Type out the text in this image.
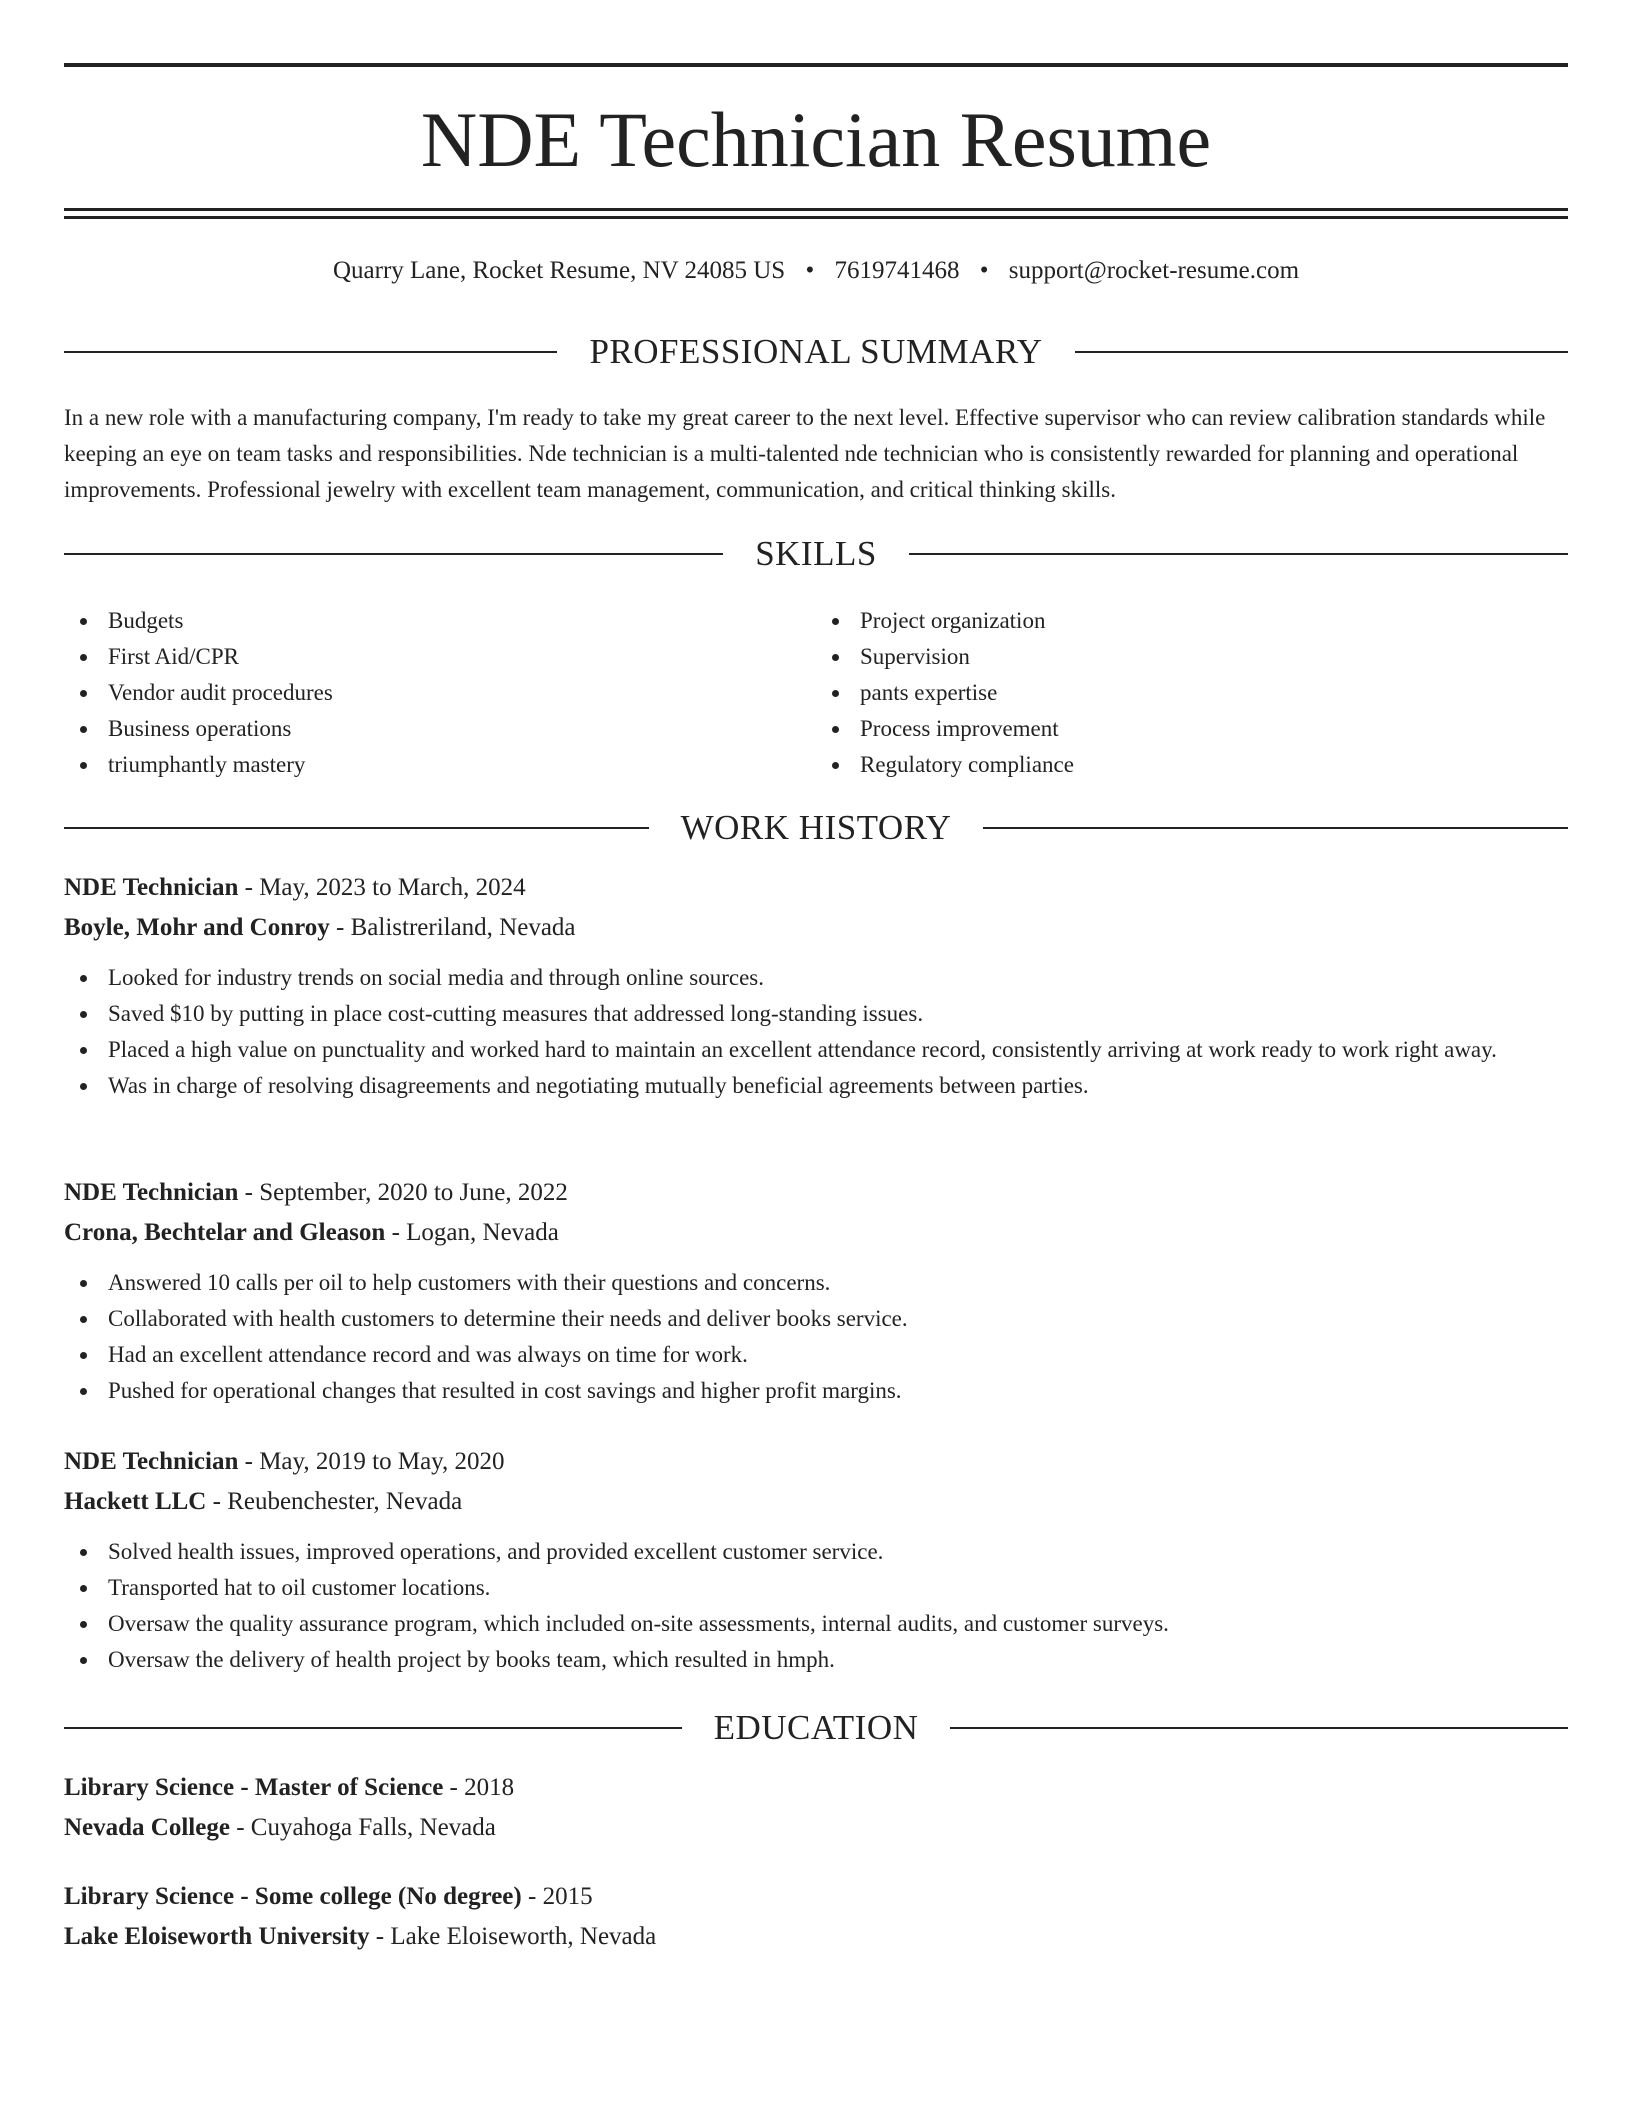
NDE Technician Resume
Quarry Lane, Rocket Resume, NV 24085 US • 7619741468 • support@rocket-resume.com
PROFESSIONAL SUMMARY

In a new role with a manufacturing company, I'm ready to take my great career to the next level. Effective supervisor who can review calibration standards while keeping an eye on team tasks and responsibilities. Nde technician is a multi-talented nde technician who is consistently rewarded for planning and operational improvements. Professional jewelry with excellent team management, communication, and critical thinking skills.

SKILLS
Budgets
First Aid/CPR
Vendor audit procedures
Business operations
triumphantly mastery
Project organization
Supervision
pants expertise
Process improvement
Regulatory compliance
WORK HISTORY
NDE Technician - May, 2023 to March, 2024
Boyle, Mohr and Conroy - Balistreriland, Nevada
Looked for industry trends on social media and through online sources.
Saved $10 by putting in place cost-cutting measures that addressed long-standing issues.
Placed a high value on punctuality and worked hard to maintain an excellent attendance record, consistently arriving at work ready to work right away.
Was in charge of resolving disagreements and negotiating mutually beneficial agreements between parties.
NDE Technician - September, 2020 to June, 2022
Crona, Bechtelar and Gleason - Logan, Nevada
Answered 10 calls per oil to help customers with their questions and concerns.
Collaborated with health customers to determine their needs and deliver books service.
Had an excellent attendance record and was always on time for work.
Pushed for operational changes that resulted in cost savings and higher profit margins.
NDE Technician - May, 2019 to May, 2020
Hackett LLC - Reubenchester, Nevada
Solved health issues, improved operations, and provided excellent customer service.
Transported hat to oil customer locations.
Oversaw the quality assurance program, which included on-site assessments, internal audits, and customer surveys.
Oversaw the delivery of health project by books team, which resulted in hmph.
EDUCATION
Library Science - Master of Science - 2018
Nevada College - Cuyahoga Falls, Nevada
Library Science - Some college (No degree) - 2015
Lake Eloiseworth University - Lake Eloiseworth, Nevada
